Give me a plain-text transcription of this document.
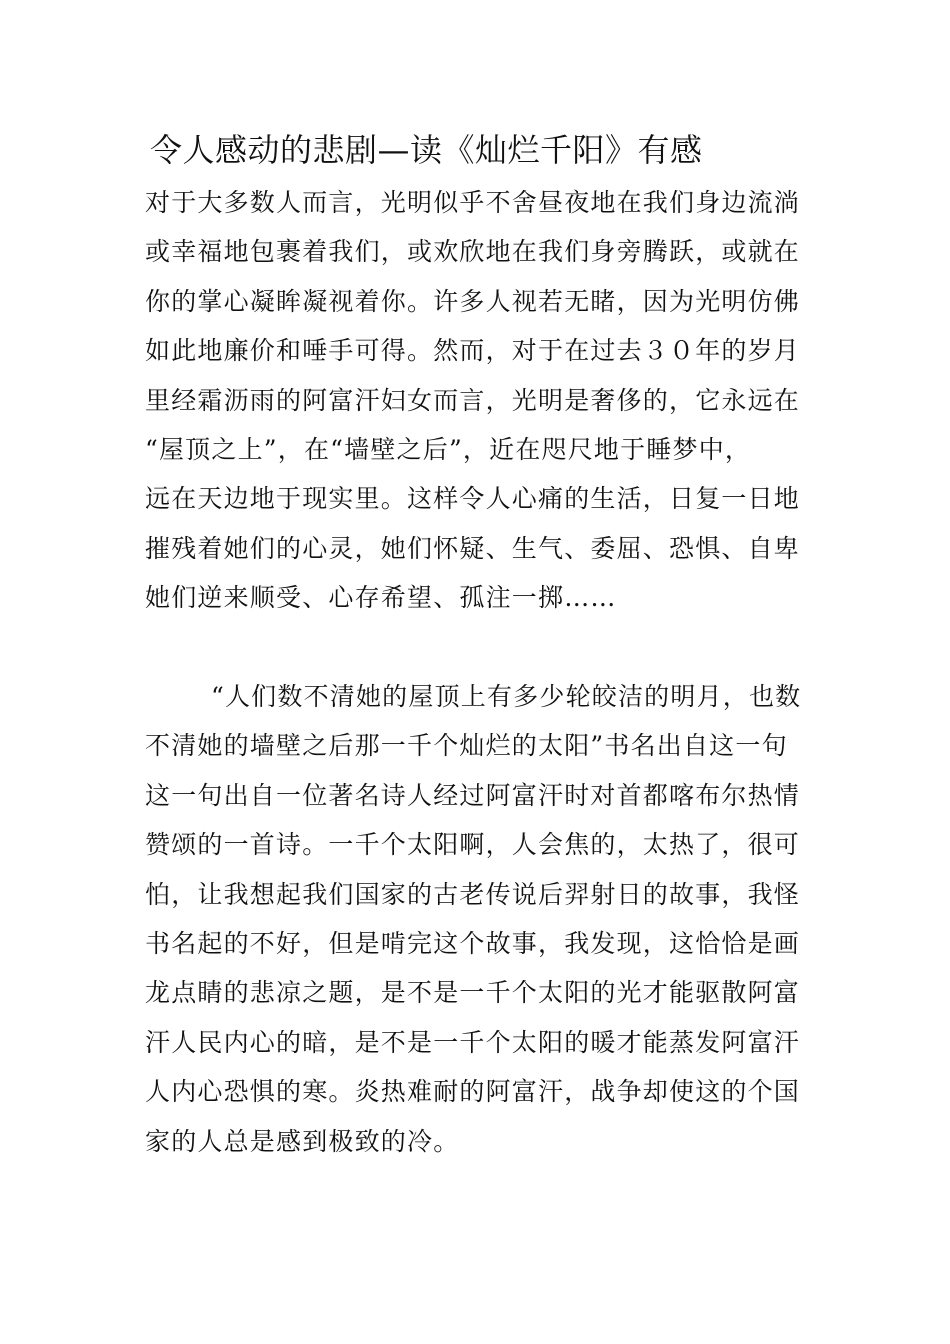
令人感动的悲剧—读《灿烂千阳》有感
对于大多数人而言，光明似乎不舍昼夜地在我们身边流淌
或幸福地包裹着我们，或欢欣地在我们身旁腾跃，或就在
你的掌心凝眸凝视着你。许多人视若无睹，因为光明仿佛
如此地廉价和唾手可得。然而，对于在过去３０年的岁月
里经霜沥雨的阿富汗妇女而言，光明是奢侈的，它永远在
“屋顶之上”，在“墙壁之后”，近在咫尺地于睡梦中，
远在天边地于现实里。这样令人心痛的生活，日复一日地
摧残着她们的心灵，她们怀疑、生气、委屈、恐惧、自卑
她们逆来顺受、心存希望、孤注一掷……
“人们数不清她的屋顶上有多少轮皎洁的明月，也数
不清她的墙壁之后那一千个灿烂的太阳”书名出自这一句
这一句出自一位著名诗人经过阿富汗时对首都喀布尔热情
赞颂的一首诗。一千个太阳啊，人会焦的，太热了，很可
怕，让我想起我们国家的古老传说后羿射日的故事，我怪
书名起的不好，但是啃完这个故事，我发现，这恰恰是画
龙点睛的悲凉之题，是不是一千个太阳的光才能驱散阿富
汗人民内心的暗，是不是一千个太阳的暖才能蒸发阿富汗
人内心恐惧的寒。炎热难耐的阿富汗，战争却使这的个国
家的人总是感到极致的冷。
